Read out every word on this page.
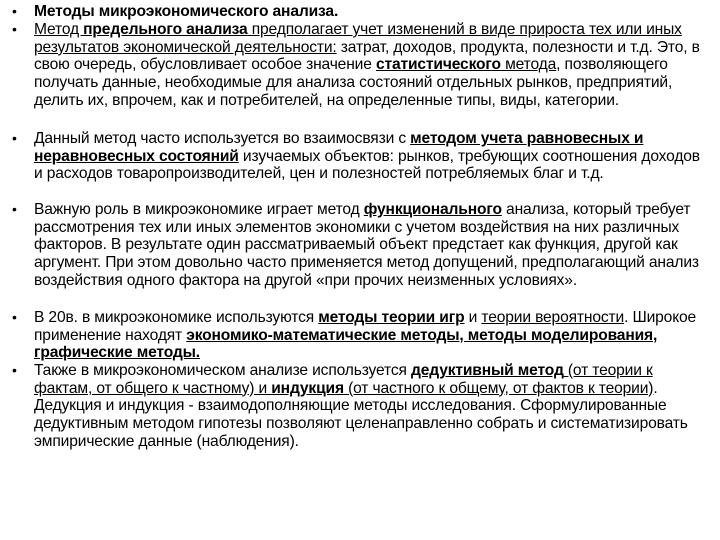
• Методы микроэкономического анализа.
• Метод предельного анализа предполагает учет изменений в виде прироста тех или иных результатов экономической деятельности: затрат, доходов, продукта, полезности и т.д. Это, в свою очередь, обусловливает особое значение статистического метода, позволяющего получать данные, необходимые для анализа состояний отдельных рынков, предприятий, делить их, впрочем, как и потребителей, на определенные типы, виды, категории.
• Данный метод часто используется во взаимосвязи с методом учета равновесных и неравновесных состояний изучаемых объектов: рынков, требующих соотношения доходов и расходов товаропроизводителей, цен и полезностей потребляемых благ и т.д.
• Важную роль в микроэкономике играет метод функционального анализа, который требует рассмотрения тех или иных элементов экономики с учетом воздействия на них различных факторов. В результате один рассматриваемый объект предстает как функция, другой как аргумент. При этом довольно часто применяется метод допущений, предполагающий анализ воздействия одного фактора на другой «при прочих неизменных условиях».
• В 20в. в микроэкономике используются методы теории игр и теории вероятности. Широкое применение находят экономико-математические методы, методы моделирования, графические методы.
• Также в микроэкономическом анализе используется дедуктивный метод (от теории к фактам, от общего к частному) и индукция (от частного к общему, от фактов к теории). Дедукция и индукция - взаимодополняющие методы исследования. Сформулированные дедуктивным методом гипотезы позволяют целенаправленно собрать и систематизировать эмпирические данные (наблюдения).
